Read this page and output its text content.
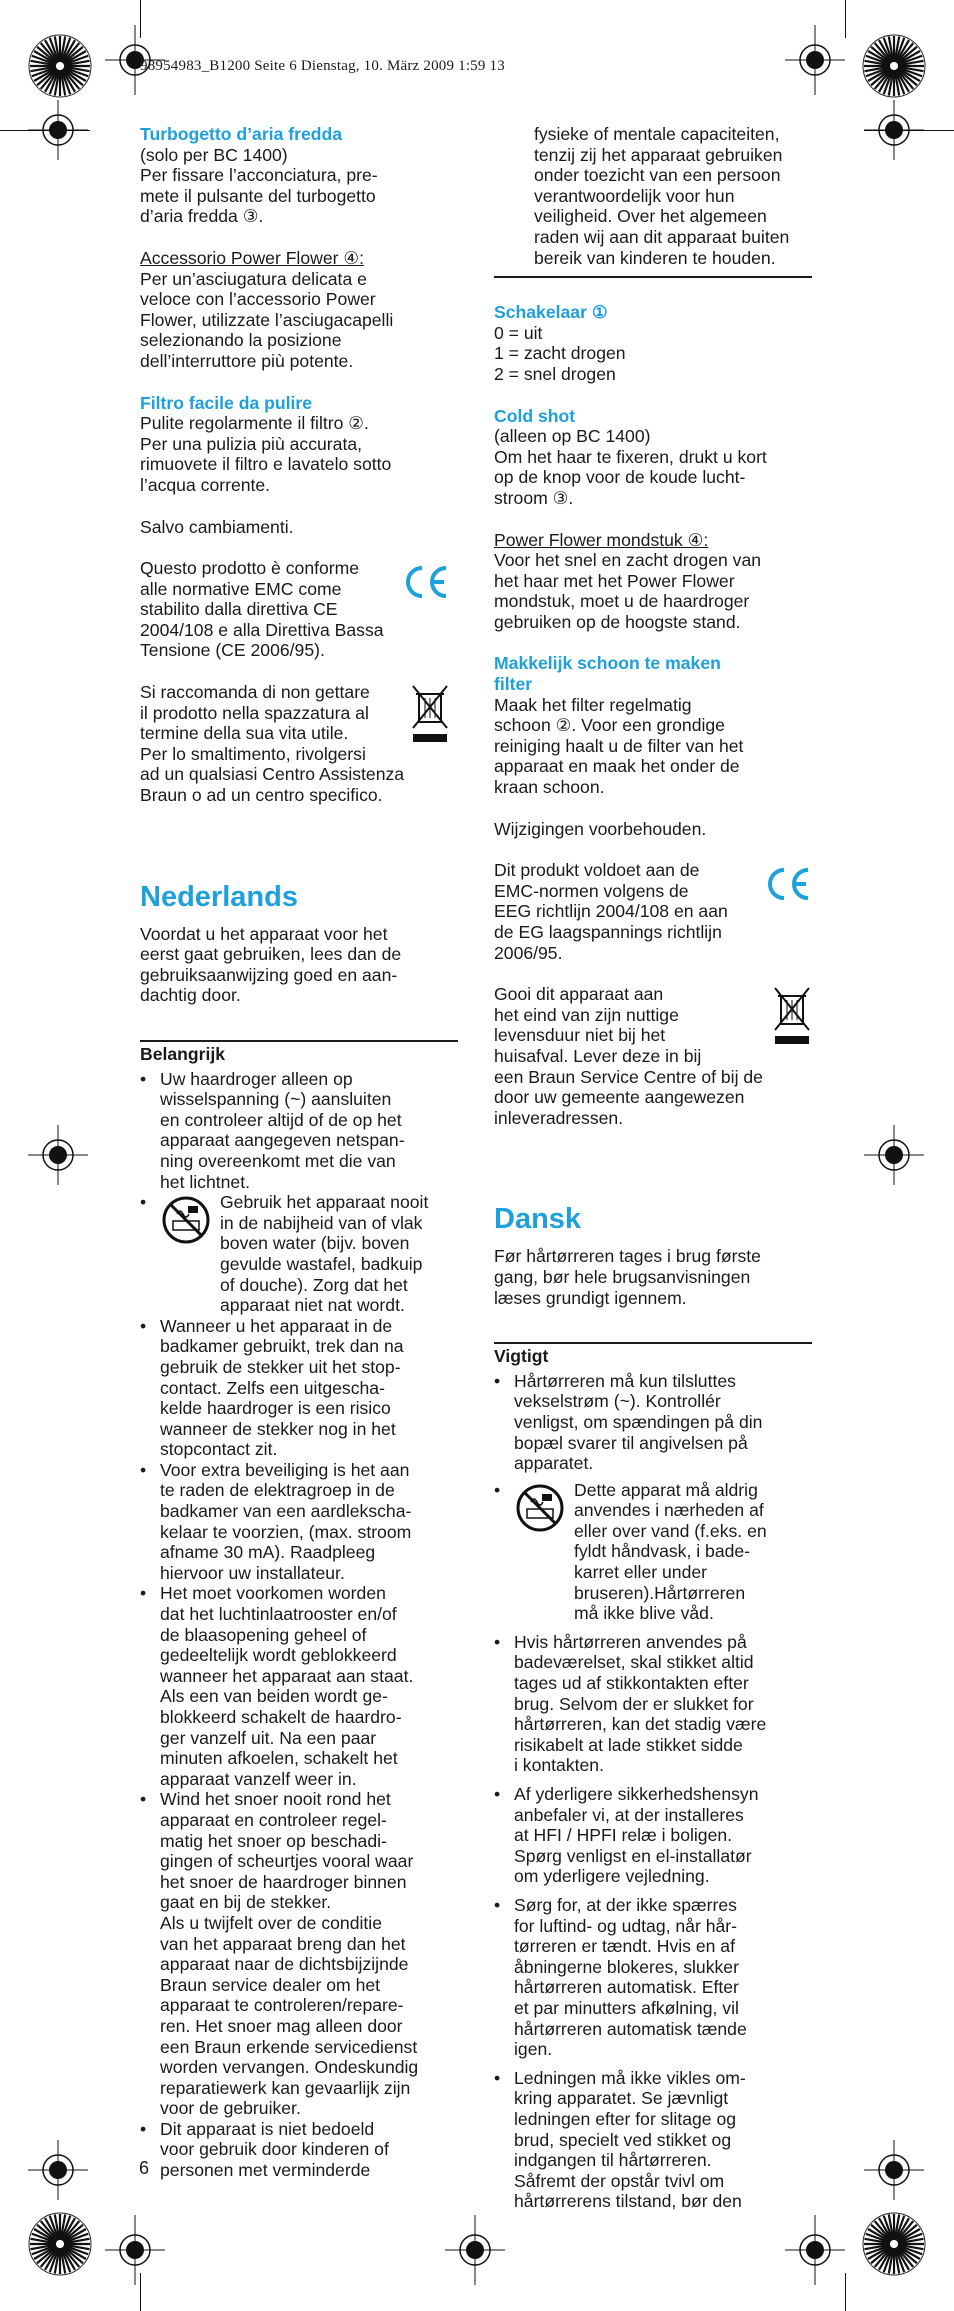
98954983_B1200 Seite 6 Dienstag, 10. März 2009 1:59 13

Turbogetto d’aria fredda

(solo per BC 1400)

Per fissare l’acconciatura, pre-

mete il pulsante del turbogetto

d’aria fredda ③.

Accessorio Power Flower ④:

Per un’asciugatura delicata e

veloce con l’accessorio Power

Flower, utilizzate l’asciugacapelli

selezionando la posizione

dell’interruttore più potente.

Filtro facile da pulire

Pulite regolarmente il filtro ②.

Per una pulizia più accurata,

rimuovete il filtro e lavatelo sotto

l’acqua corrente.

Salvo cambiamenti.

Questo prodotto è conforme

alle normative EMC come

stabilito dalla direttiva CE

2004/108 e alla Direttiva Bassa

Tensione (CE 2006/95).

Si raccomanda di non gettare

il prodotto nella spazzatura al

termine della sua vita utile.

Per lo smaltimento, rivolgersi

ad un qualsiasi Centro Assistenza

Braun o ad un centro specifico.

Nederlands

Voordat u het apparaat voor het

eerst gaat gebruiken, lees dan de

gebruiksaanwijzing goed en aan-

dachtig door.

Belangrijk

• Uw haardroger alleen op

wisselspanning (~) aansluiten

en controleer altijd of de op het

apparaat aangegeven netspan-

ning overeenkomt met die van

het lichtnet.

• Gebruik het apparaat nooit

in de nabijheid van of vlak

boven water (bijv. boven

gevulde wastafel, badkuip

of douche). Zorg dat het

apparaat niet nat wordt.

• Wanneer u het apparaat in de

badkamer gebruikt, trek dan na

gebruik de stekker uit het stop-

contact. Zelfs een uitgescha-

kelde haardroger is een risico

wanneer de stekker nog in het

stopcontact zit.

• Voor extra beveiliging is het aan

te raden de elektragroep in de

badkamer van een aardlekscha-

kelaar te voorzien, (max. stroom

afname 30 mA). Raadpleeg

hiervoor uw installateur.

• Het moet voorkomen worden

dat het luchtinlaatrooster en/of

de blaasopening geheel of

gedeeltelijk wordt geblokkeerd

wanneer het apparaat aan staat.

Als een van beiden wordt ge-

blokkeerd schakelt de haardro-

ger vanzelf uit. Na een paar

minuten afkoelen, schakelt het

apparaat vanzelf weer in.

• Wind het snoer nooit rond het

apparaat en controleer regel-

matig het snoer op beschadi-

gingen of scheurtjes vooral waar

het snoer de haardroger binnen

gaat en bij de stekker.

Als u twijfelt over de conditie

van het apparaat breng dan het

apparaat naar de dichtsbijzijnde

Braun service dealer om het

apparaat te controleren/repare-

ren. Het snoer mag alleen door

een Braun erkende servicedienst

worden vervangen. Ondeskundig

reparatiewerk kan gevaarlijk zijn

voor de gebruiker.

• Dit apparaat is niet bedoeld

voor gebruik door kinderen of

personen met verminderde

6

fysieke of mentale capaciteiten,

tenzij zij het apparaat gebruiken

onder toezicht van een persoon

verantwoordelijk voor hun

veiligheid. Over het algemeen

raden wij aan dit apparaat buiten

bereik van kinderen te houden.

Schakelaar ①

0 = uit

1 = zacht drogen

2 = snel drogen

Cold shot

(alleen op BC 1400)

Om het haar te fixeren, drukt u kort

op de knop voor de koude lucht-

stroom ③.

Power Flower mondstuk ④:

Voor het snel en zacht drogen van

het haar met het Power Flower

mondstuk, moet u de haardroger

gebruiken op de hoogste stand.

Makkelijk schoon te maken

filter

Maak het filter regelmatig

schoon ②. Voor een grondige

reiniging haalt u de filter van het

apparaat en maak het onder de

kraan schoon.

Wijzigingen voorbehouden.

Dit produkt voldoet aan de

EMC-normen volgens de

EEG richtlijn 2004/108 en aan

de EG laagspannings richtlijn

2006/95.

Gooi dit apparaat aan

het eind van zijn nuttige

levensduur niet bij het

huisafval. Lever deze in bij

een Braun Service Centre of bij de

door uw gemeente aangewezen

inleveradressen.

Dansk

Før hårtørreren tages i brug første

gang, bør hele brugsanvisningen

læses grundigt igennem.

Vigtigt

• Hårtørreren må kun tilsluttes

vekselstrøm (~). Kontrollér

venligst, om spændingen på din

bopæl svarer til angivelsen på

apparatet.

• Dette apparat må aldrig

anvendes i nærheden af

eller over vand (f.eks. en

fyldt håndvask, i bade-

karret eller under

bruseren).Hårtørreren

må ikke blive våd.

• Hvis hårtørreren anvendes på

badeværelset, skal stikket altid

tages ud af stikkontakten efter

brug. Selvom der er slukket for

hårtørreren, kan det stadig være

risikabelt at lade stikket sidde

i kontakten.

• Af yderligere sikkerhedshensyn

anbefaler vi, at der installeres

at HFI / HPFI relæ i boligen.

Spørg venligst en el-installatør

om yderligere vejledning.

• Sørg for, at der ikke spærres

for luftind- og udtag, når hår-

tørreren er tændt. Hvis en af

åbningerne blokeres, slukker

hårtørreren automatisk. Efter

et par minutters afkølning, vil

hårtørreren automatisk tænde

igen.

• Ledningen må ikke vikles om-

kring apparatet. Se jævnligt

ledningen efter for slitage og

brud, specielt ved stikket og

indgangen til hårtørreren.

Såfremt der opstår tvivl om

hårtørrerens tilstand, bør den
